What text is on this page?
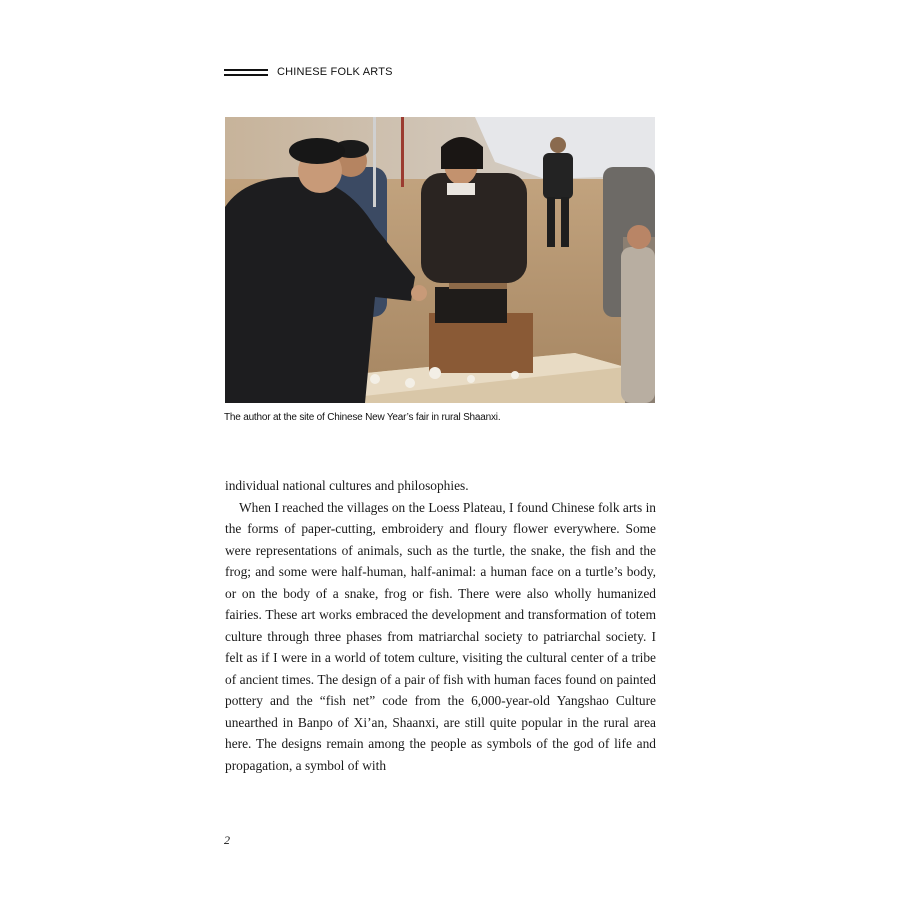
CHINESE FOLK ARTS
The author at the site of Chinese New Year’s fair in rural Shaanxi.

individual national cultures and philosophies.

When I reached the villages on the Loess Plateau, I found Chinese folk arts in the forms of paper-cutting, embroidery and floury flower everywhere. Some were representations of animals, such as the turtle, the snake, the fish and the frog; and some were half-human, half-animal: a human face on a turtle’s body, or on the body of a snake, frog or fish. There were also wholly humanized fairies. These art works embraced the development and transformation of totem culture through three phases from matriarchal society to patriarchal society. I felt as if I were in a world of totem culture, visiting the cultural center of a tribe of ancient times. The design of a pair of fish with human faces found on painted pottery and the “fish net” code from the 6,000-year-old Yangshao Culture unearthed in Banpo of Xi’an, Shaanxi, are still quite popular in the rural area here. The designs remain among the people as symbols of the god of life and propagation, a symbol of with

2
